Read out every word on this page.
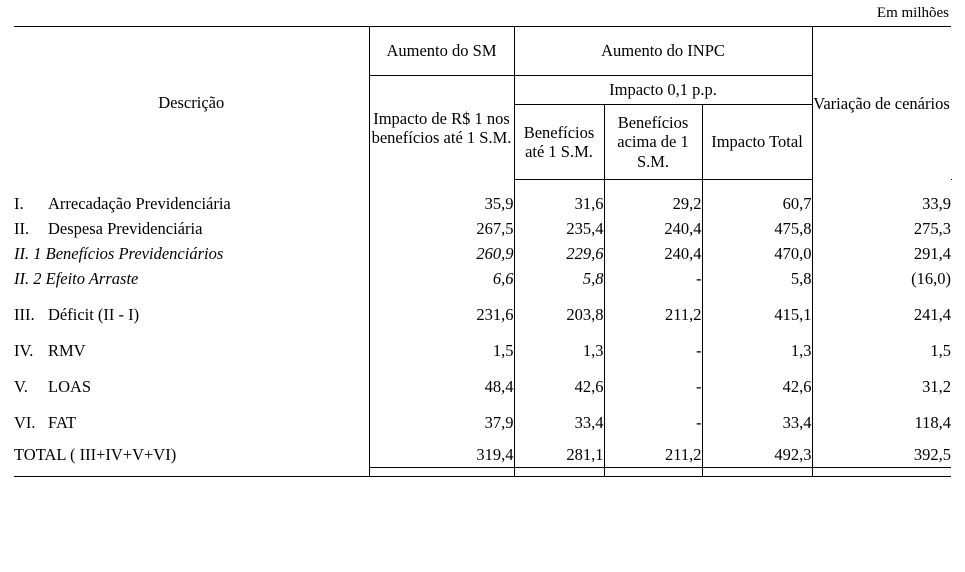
Em milhões
Descrição	Aumento do SM	Aumento do INPC			Variação de cenários	
	Impacto de R$ 1 nos benefícios até 1 S.M.	Impacto 0,1 p.p.				
		Benefícios até 1 S.M.	Benefícios acima de 1 S.M.	Impacto Total		

I. Arrecadação Previdenciária	35,9	31,6	29,2	60,7	33,9	
II. Despesa Previdenciária	267,5	235,4	240,4	475,8	275,3	
II. 1 Benefícios Previdenciários	260,9	229,6	240,4	470,0	291,4	
II. 2 Efeito Arraste	6,6	5,8	-	5,8	(16,0)	

III. Déficit (II - I)	231,6	203,8	211,2	415,1	241,4	

IV. RMV	1,5	1,3	-	1,3	1,5	

V. LOAS	48,4	42,6	-	42,6	31,2	

VI. FAT	37,9	33,4	-	33,4	118,4	

TOTAL ( III+IV+V+VI)	319,4	281,1	211,2	492,3	392,5	
